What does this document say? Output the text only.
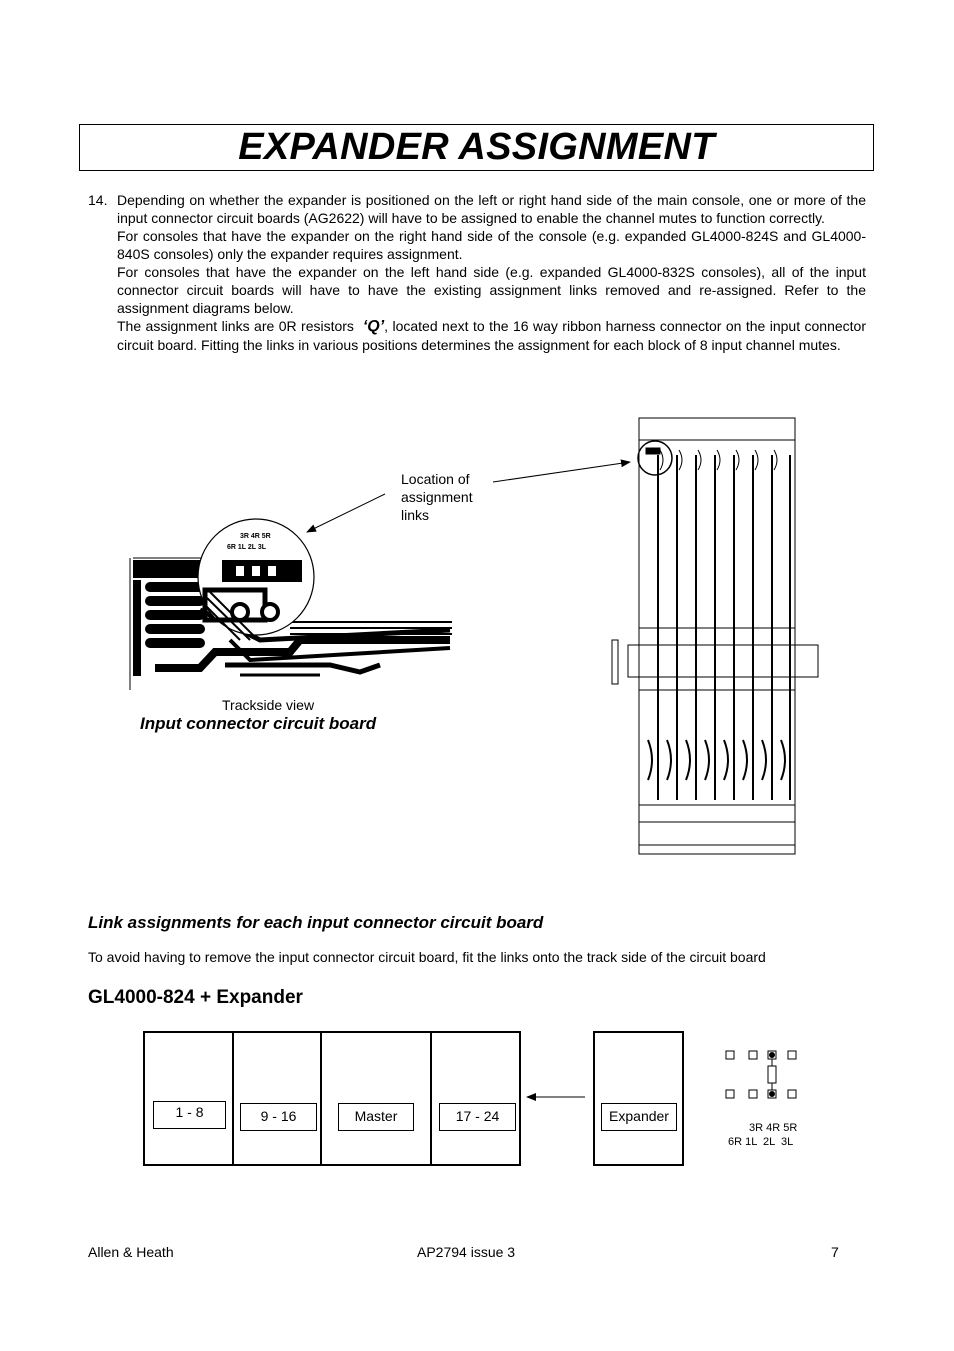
EXPANDER ASSIGNMENT
14. Depending on whether the expander is positioned on the left or right hand side of the main console, one or more of the input connector circuit boards (AG2622) will have to be assigned to enable the channel mutes to function correctly.

For consoles that have the expander on the right hand side of the console (e.g. expanded GL4000-824S and GL4000-840S consoles) only the expander requires assignment.

For consoles that have the expander on the left hand side (e.g. expanded GL4000-832S consoles), all of the input connector circuit boards will have to have the existing assignment links removed and re-assigned. Refer to the assignment diagrams below.

The assignment links are 0R resistors ‘Q’, located next to the 16 way ribbon harness connector on the input connector circuit board. Fitting the links in various positions determines the assignment for each block of 8 input channel mutes.

Location of
assignment
links
3R 4R 5R
6R 1L 2L 3L
Trackside view
Input connector circuit board
Link assignments for each input connector circuit board
To avoid having to remove the input connector circuit board, fit the links onto the track side of the circuit board
GL4000-824 + Expander
1 - 8	9 - 16	Master	17 - 24	Expander
3R 4R 5R
6R 1L  2L  3L
Allen & Heath	AP2794 issue 3	7
